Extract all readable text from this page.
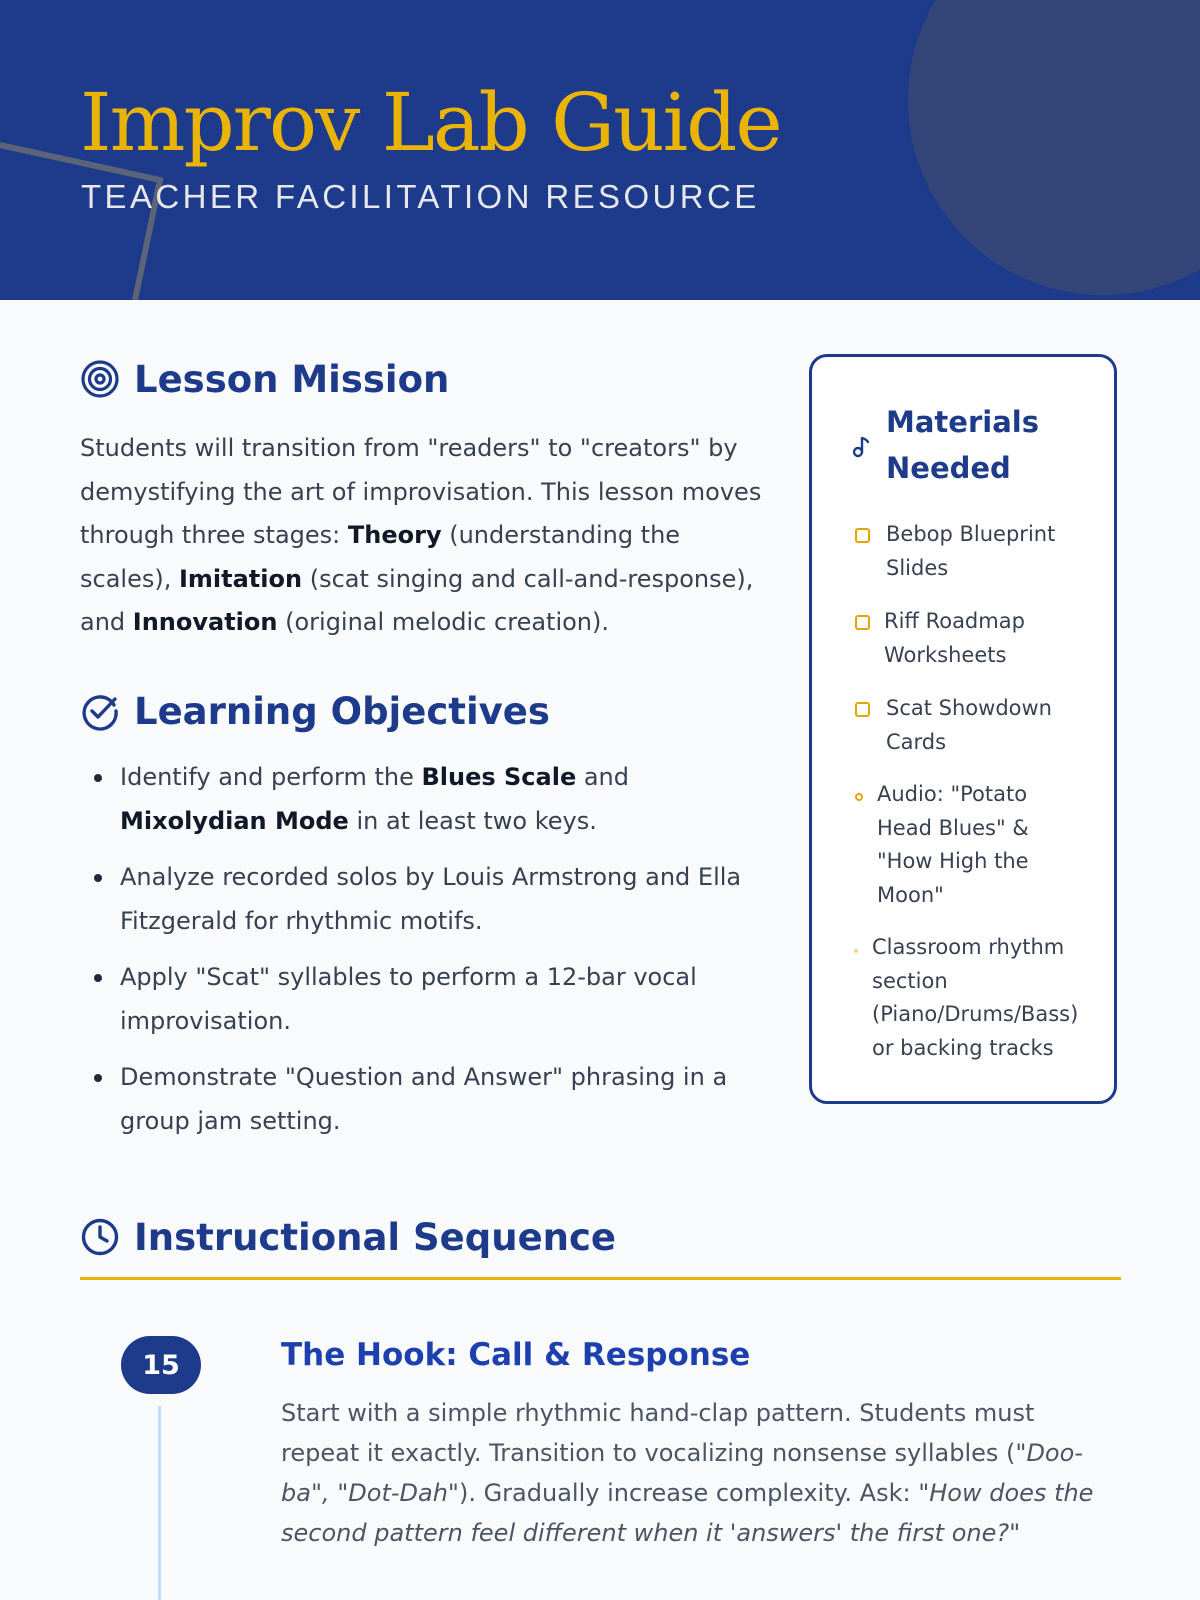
Improv Lab Guide

TEACHER FACILITATION RESOURCE

Lesson Mission

Students will transition from "readers" to "creators" by demystifying the art of improvisation. This lesson moves through three stages: Theory (understanding the scales), Imitation (scat singing and call-and-response), and Innovation (original melodic creation).

Learning Objectives
Identify and perform the Blues Scale and Mixolydian Mode in at least two keys.
Analyze recorded solos by Louis Armstrong and Ella Fitzgerald for rhythmic motifs.
Apply "Scat" syllables to perform a 12-bar vocal improvisation.
Demonstrate "Question and Answer" phrasing in a group jam setting.
Materials Needed
Bebop Blueprint Slides
Riff Roadmap Worksheets
Scat Showdown Cards
Audio: "Potato Head Blues" & "How High the Moon"
Classroom rhythm section (Piano/Drums/Bass) or backing tracks
Instructional Sequence
15	The Hook: Call & Response

Start with a simple rhythmic hand-clap pattern. Students must repeat it exactly. Transition to vocalizing nonsense syllables ("Doo-ba", "Dot-Dah"). Gradually increase complexity. Ask: "How does the second pattern feel different when it 'answers' the first one?"
